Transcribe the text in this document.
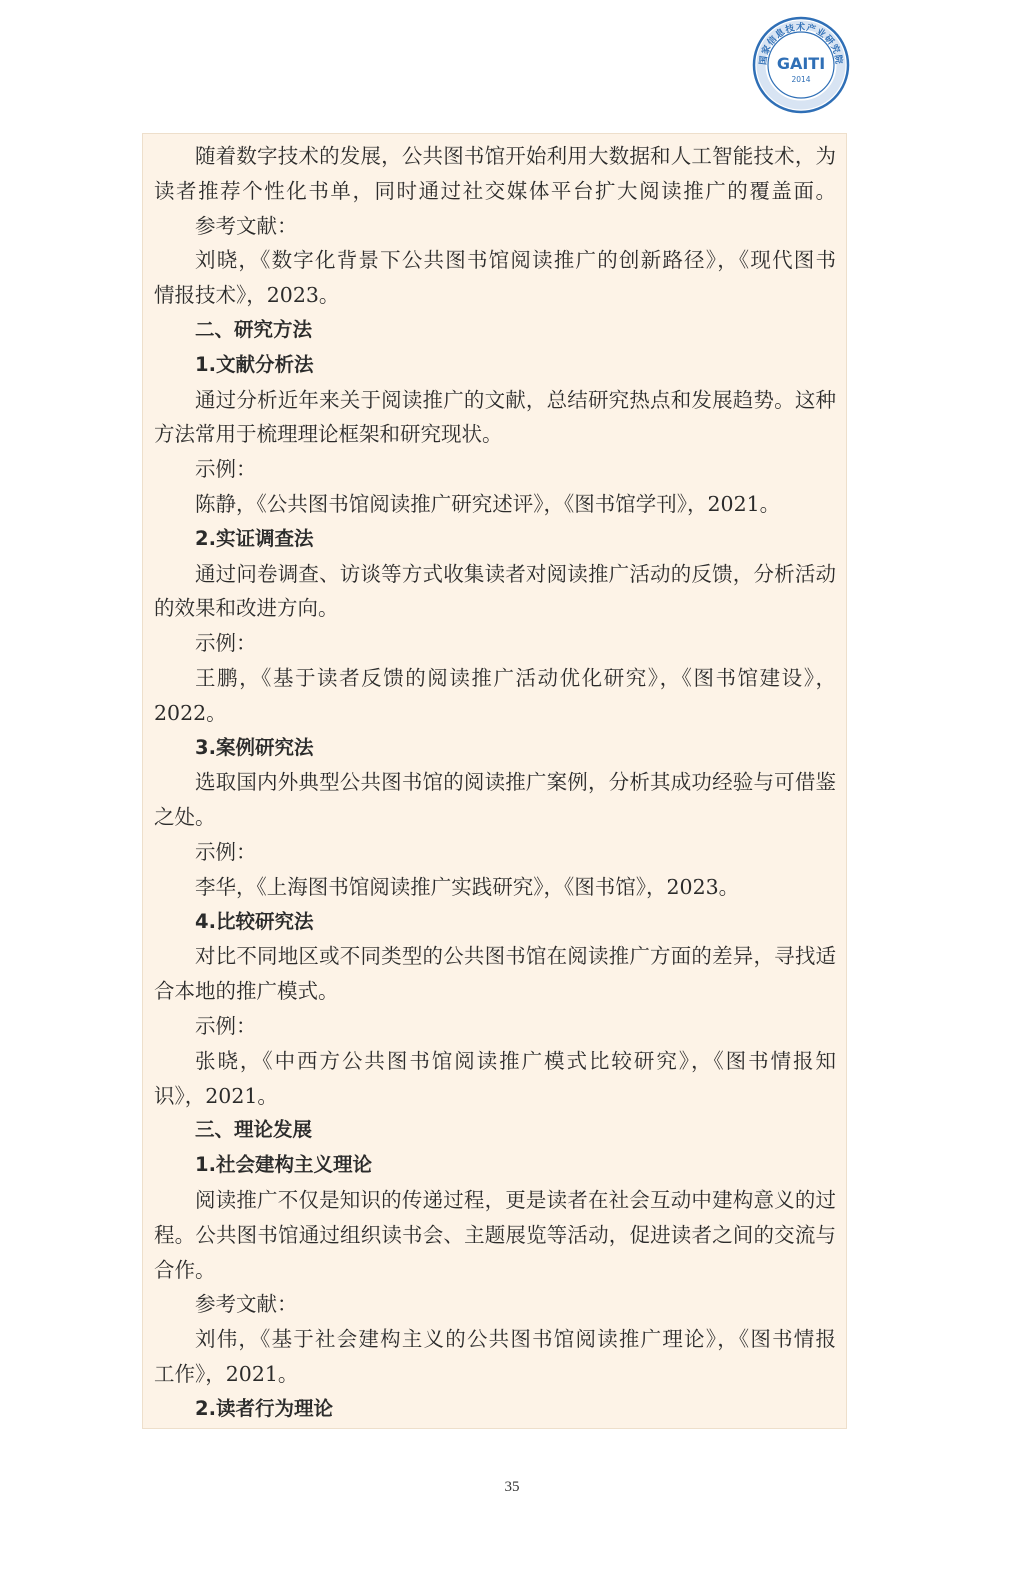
国家信息技术产业研究院
GAITI
2014
随着数字技术的发展，公共图书馆开始利用大数据和人工智能技术，为
读者推荐个性化书单，同时通过社交媒体平台扩大阅读推广的覆盖面。
参考文献：
刘晓，《数字化背景下公共图书馆阅读推广的创新路径》，《现代图书
情报技术》，2023。
二、研究方法
1.文献分析法
通过分析近年来关于阅读推广的文献，总结研究热点和发展趋势。这种
方法常用于梳理理论框架和研究现状。
示例：
陈静，《公共图书馆阅读推广研究述评》，《图书馆学刊》，2021。
2.实证调查法
通过问卷调查、访谈等方式收集读者对阅读推广活动的反馈，分析活动
的效果和改进方向。
示例：
王鹏，《基于读者反馈的阅读推广活动优化研究》，《图书馆建设》，
2022。
3.案例研究法
选取国内外典型公共图书馆的阅读推广案例，分析其成功经验与可借鉴
之处。
示例：
李华，《上海图书馆阅读推广实践研究》，《图书馆》，2023。
4.比较研究法
对比不同地区或不同类型的公共图书馆在阅读推广方面的差异，寻找适
合本地的推广模式。
示例：
张晓，《中西方公共图书馆阅读推广模式比较研究》，《图书情报知
识》，2021。
三、理论发展
1.社会建构主义理论
阅读推广不仅是知识的传递过程，更是读者在社会互动中建构意义的过
程。公共图书馆通过组织读书会、主题展览等活动，促进读者之间的交流与
合作。
参考文献：
刘伟，《基于社会建构主义的公共图书馆阅读推广理论》，《图书情报
工作》，2021。
2.读者行为理论
35
